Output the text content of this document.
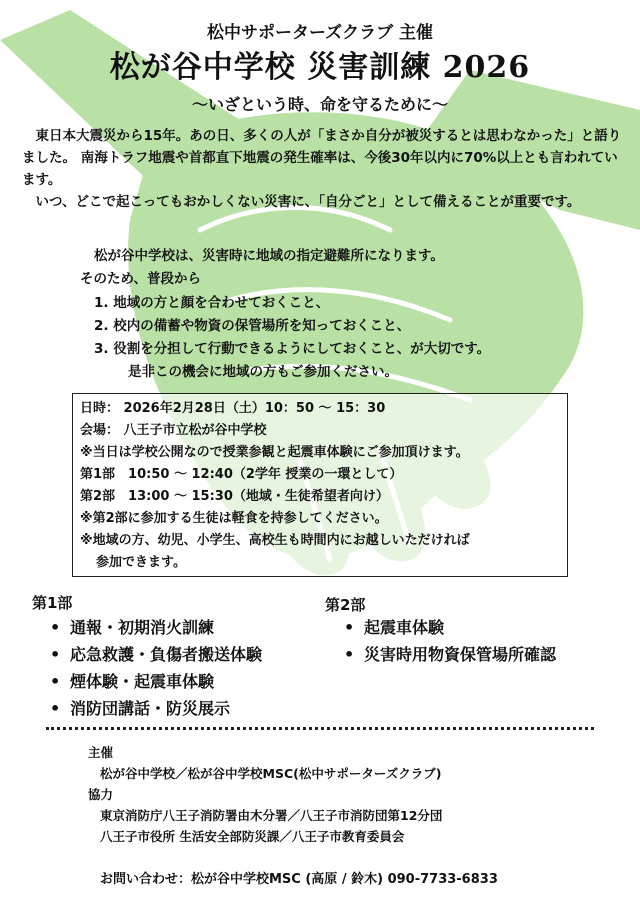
松中サポーターズクラブ 主催
松が谷中学校 災害訓練 2026
〜いざという時、命を守るために〜

東日本大震災から15年。あの日、多くの人が「まさか自分が被災するとは思わなかった」と語りました。 南海トラフ地震や首都直下地震の発生確率は、今後30年以内に70%以上とも言われています。

いつ、どこで起こってもおかしくない災害に、「自分ごと」として備えることが重要です。

松が谷中学校は、災害時に地域の指定避難所になります。
そのため、普段から
1. 地域の方と顔を合わせておくこと、
2. 校内の備蓄や物資の保管場所を知っておくこと、
3. 役割を分担して行動できるようにしておくこと、が大切です。
是非この機会に地域の方もご参加ください。
日時： 2026年2月28日（土）10：50 〜 15：30
会場： 八王子市立松が谷中学校
※当日は学校公開なので授業参観と起震車体験にご参加頂けます。
第1部　10:50 〜 12:40（2学年 授業の一環として）
第2部　13:00 〜 15:30（地域・生徒希望者向け）
※第2部に参加する生徒は軽食を持参してください。
※地域の方、幼児、小学生、高校生も時間内にお越しいただければ
参加できます。
第1部
• 通報・初期消火訓練
• 応急救護・負傷者搬送体験
• 煙体験・起震車体験
• 消防団講話・防災展示
第2部
• 起震車体験
• 災害時用物資保管場所確認
主催
松が谷中学校／松が谷中学校MSC(松中サポーターズクラブ)
協力
東京消防庁八王子消防署由木分署／八王子市消防団第12分団
八王子市役所 生活安全部防災課／八王子市教育委員会
お問い合わせ：松が谷中学校MSC (高原 / 鈴木) 090-7733-6833
